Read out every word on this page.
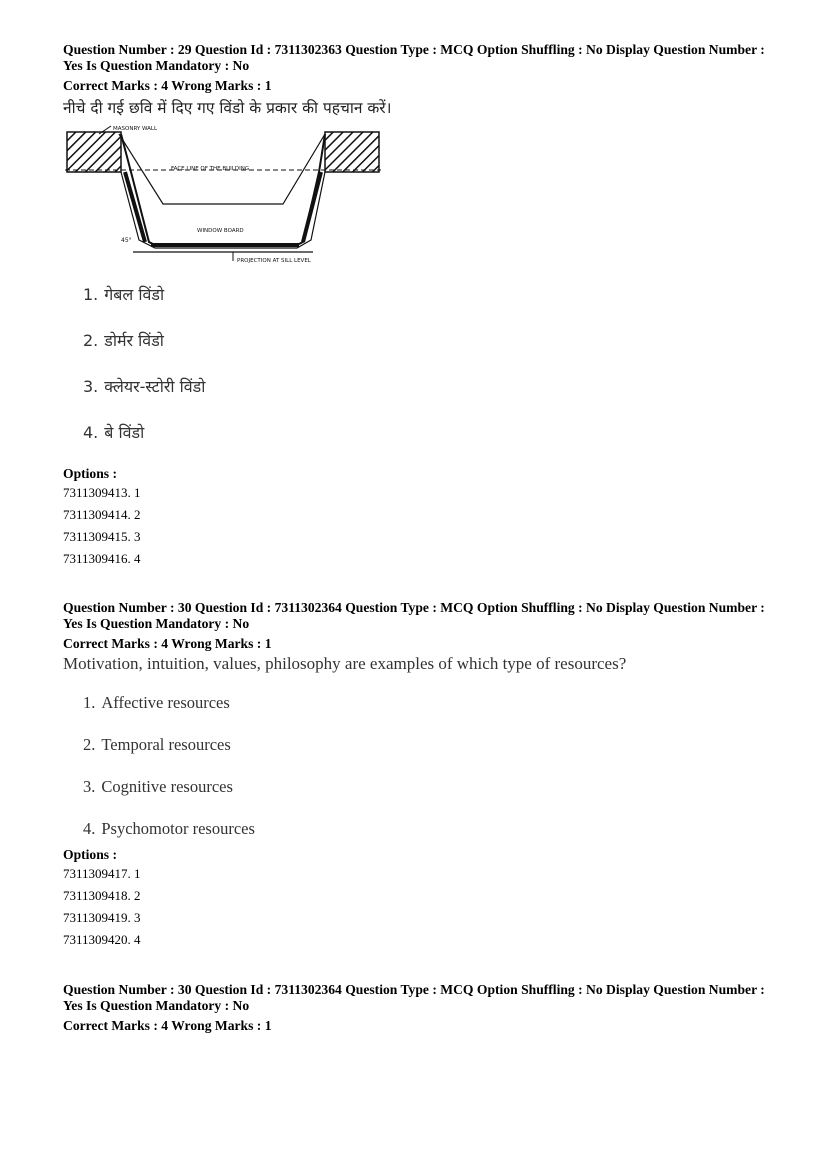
Question Number : 29 Question Id : 7311302363 Question Type : MCQ Option Shuffling : No Display Question Number : Yes Is Question Mandatory : No
Correct Marks : 4 Wrong Marks : 1
नीचे दी गई छवि में दिए गए विंडो के प्रकार की पहचान करें।
MASONRY WALL
FACE LINE OF THE BUILDING
WINDOW BOARD
45°
PROJECTION AT SILL LEVEL
1. गेबल विंडो
2. डोर्मर विंडो
3. क्लेयर-स्टोरी विंडो
4. बे विंडो
Options :
7311309413. 1
7311309414. 2
7311309415. 3
7311309416. 4
Question Number : 30 Question Id : 7311302364 Question Type : MCQ Option Shuffling : No Display Question Number : Yes Is Question Mandatory : No
Correct Marks : 4 Wrong Marks : 1
Motivation, intuition, values, philosophy are examples of which type of resources?
1. Affective resources
2. Temporal resources
3. Cognitive resources
4. Psychomotor resources
Options :
7311309417. 1
7311309418. 2
7311309419. 3
7311309420. 4
Question Number : 30 Question Id : 7311302364 Question Type : MCQ Option Shuffling : No Display Question Number : Yes Is Question Mandatory : No
Correct Marks : 4 Wrong Marks : 1
